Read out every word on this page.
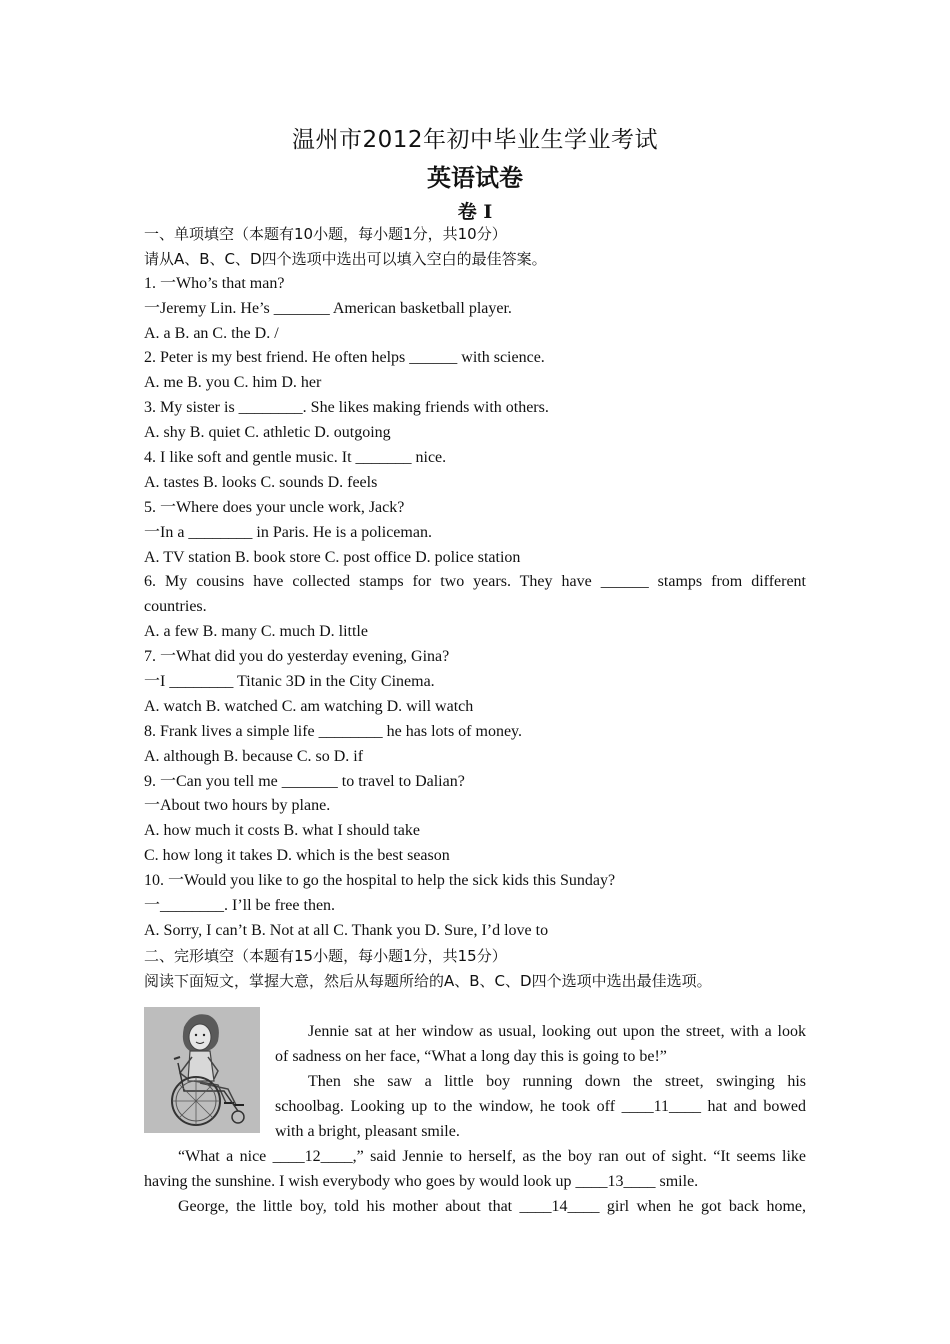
温州市2012年初中毕业生学业考试
英语试卷
卷 I
一、单项填空（本题有10小题，每小题1分，共10分）
请从A、B、C、D四个选项中选出可以填入空白的最佳答案。
1. 一Who’s that man?
一Jeremy Lin. He’s _______ American basketball player.
A. a B. an C. the D. /
2. Peter is my best friend. He often helps ______ with science.
A. me B. you C. him D. her
3. My sister is ________. She likes making friends with others.
A. shy B. quiet C. athletic D. outgoing
4. I like soft and gentle music. It _______ nice.
A. tastes B. looks C. sounds D. feels
5. 一Where does your uncle work, Jack?
一In a ________ in Paris. He is a policeman.
A. TV station B. book store C. post office D. police station
6. My cousins have collected stamps for two years. They have ______ stamps from different
countries.
A. a few B. many C. much D. little
7. 一What did you do yesterday evening, Gina?
一I ________ Titanic 3D in the City Cinema.
A. watch B. watched C. am watching D. will watch
8. Frank lives a simple life ________ he has lots of money.
A. although B. because C. so D. if
9. 一Can you tell me _______ to travel to Dalian?
一About two hours by plane.
A. how much it costs B. what I should take
C. how long it takes D. which is the best season
10. 一Would you like to go the hospital to help the sick kids this Sunday?
一________. I’ll be free then.
A. Sorry, I can’t B. Not at all C. Thank you D. Sure, I’d love to
二、完形填空（本题有15小题，每小题1分，共15分）
阅读下面短文，掌握大意，然后从每题所给的A、B、C、D四个选项中选出最佳选项。
Jennie sat at her window as usual, looking out upon the street, with a look
of sadness on her face, “What a long day this is going to be!”
Then she saw a little boy running down the street, swinging his
schoolbag. Looking up to the window, he took off ____11____ hat and bowed
with a bright, pleasant smile.
“What a nice ____12____,” said Jennie to herself, as the boy ran out of sight. “It seems like
having the sunshine. I wish everybody who goes by would look up ____13____ smile.
George, the little boy, told his mother about that ____14____ girl when he got back home,
